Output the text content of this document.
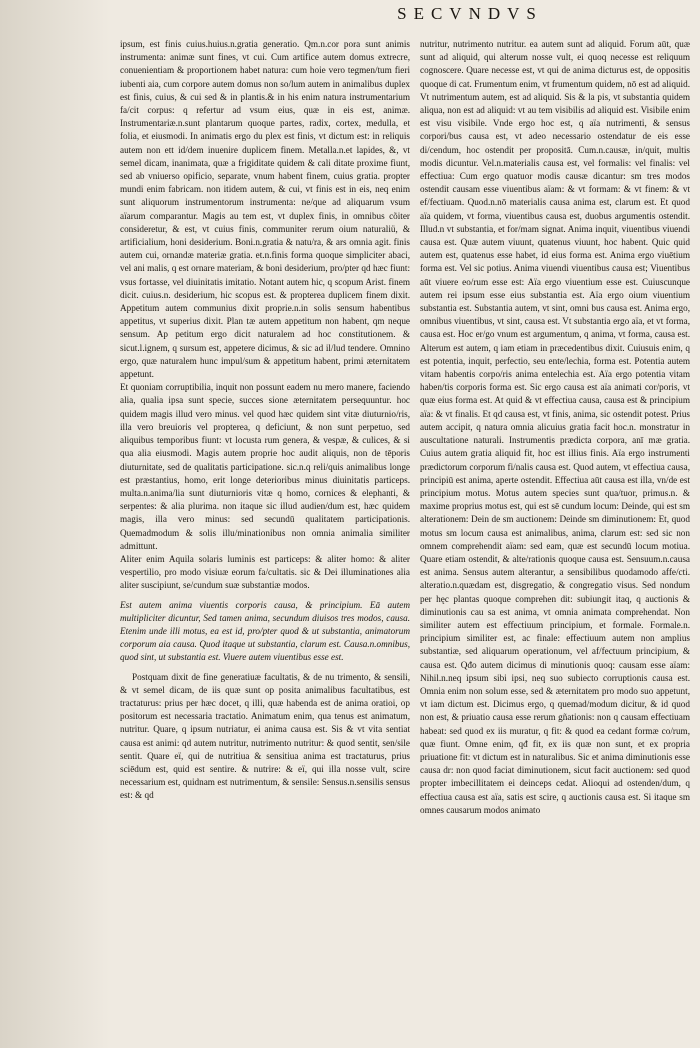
SECVNDVS

ipsum, est finis cuius.huius.n.gratia generatio. Qm.n.cor pora sunt animis instrumenta: animæ sunt fines, vt cui. Cum artifice autem domus extrecre, conuenientiam & proportionem habet natura: cum hoie vero tegmen/tum fieri iubenti aia, cum corpore autem domus non so/lum autem in animalibus duplex est finis, cuius, & cui sed & in plantis.& in his enim natura instrumentarium fa/cit corpus: q refertur ad vsum eius, quæ in eis est, animæ. Instrumentariæ.n.sunt plantarum quoque partes, radix, cortex, medulla, et folia, et eiusmodi. In animatis ergo du plex est finis, vt dictum est: in reliquis autem non ett id/dem inuenire duplicem finem. Metalla.n.et lapides, &, vt semel dicam, inanimata, quæ a frigiditate quidem & cali ditate proxime fiunt, sed ab vniuerso opificio, separate, vnum habent finem, cuius gratia. propter mundi enim fabricam. non itidem autem, & cui, vt finis est in eis, neq enim sunt aliquorum instrumentorum instrumenta: ne/que ad aliquarum vsum aïarum comparantur. Magis au tem est, vt duplex finis, in omnibus cõiter consideretur, & est, vt cuius finis, communiter rerum oium naturaliü, & artificialium, honi desiderium. Boni.n.gratia & natu/ra, & ars omnia agit. finis autem cui, ornandæ materiæ gratia. et.n.finis forma quoque simpliciter abaci, vel ani malis, q est ornare materiam, & boni desiderium, pro/pter qd hæc fiunt: vsus fortasse, vel diuinitatis imitatio. Notant autem hic, q scopum Arist. finem dicit. cuius.n. desiderium, hic scopus est. & propterea duplicem finem dixit. Appetitum autem communius dixit proprie.n.in solis sensum habentibus appetitus, vt superius dixit. Plan tæ autem appetitum non habent, qm neque sensum. Ap petitum ergo dicit naturalem ad hoc constitutionem. & sicut.l.ignem, q sursum est, appetere dicimus, & sic ad il/lud tendere. Omnino ergo, quæ naturalem hunc impul/sum & appetitum habent, primi æternitatem appetunt.

Et quoniam corruptibilia, inquit non possunt eadem nu mero manere, faciendo alia, qualia ipsa sunt specie, succes sione æternitatem persequuntur. hoc quidem magis illud vero minus. vel quod hæc quidem sint vitæ diuturnio/ris, illa vero breuioris vel propterea, q deficiunt, & non sunt perpetuo, sed aliquibus temporibus fiunt: vt locusta rum genera, & vespæ, & culices, & si qua alia eiusmodi. Magis autem proprie hoc audit aliquis, non de tēporis diuturnitate, sed de qualitatis participatione. sic.n.q reli/quis animalibus longe est præstantius, homo, erit longe deterioribus minus diuinitatis particeps. multa.n.anima/lia sunt diuturnioris vitæ q homo, cornices & elephanti, & serpentes: & alia plurima. non itaque sic illud audien/dum est, hæc quidem magis, illa vero minus: sed secundū qualitatem participationis. Quemadmodum & solis illu/minationibus non omnia animalia similiter admittunt.

Aliter enim Aquila solaris luminis est particeps: & aliter homo: & aliter vespertilio, pro modo visiuæ eorum fa/cultatis. sic & Dei illuminationes alia aliter suscipiunt, se/cundum suæ substantiæ modos.

Est autem anima viuentis corporis causa, & principium. Eā autem multipliciter dicuntur, Sed tamen anima, secundum diuisos tres modos, causa. Etenim unde illi motus, ea est id, pro/pter quod & ut substantia, animatorum corporum aia causa. Quod itaque ut substantia, clarum est. Causa.n.omnibus, quod sint, ut substantia est. Viuere autem viuentibus esse est.

Postquam dixit de fine generatiuæ facultatis, & de nu trimento, & sensili, & vt semel dicam, de iis quæ sunt op posita animalibus facultatibus, est tractaturus: prius per hæc docet, q illi, quæ habenda est de anima oratioi, op positorum est necessaria tractatio. Animatum enim, qua tenus est animatum, nutritur. Quare, q ipsum nutriatur, ei anima causa est. Sis & vt vita sentiat causa est animi: qd autem nutritur, nutrimento nutritur: & quod sentit, sen/sile sentit. Quare eï, qui de nutritiua & sensitiua anima est tractaturus, prius sciēdum est, quid est sentire. & nutrire: & eï, qui illa nosse vult, scire necessarium est, quidnam est nutrimentum, & sensile: Sensus.n.sensilis sensus est: & qd

nutritur, nutrimento nutritur. ea autem sunt ad aliquid. Forum aūt, quæ sunt ad aliquid, qui alterum nosse vult, ei quoq necesse est reliquum cognoscere. Quare necesse est, vt qui de anima dicturus est, de oppositis quoque di cat. Frumentum enim, vt frumentum quidem, nō est ad aliquid. Vt nutrimentum autem, est ad aliquid. Sis & la pis, vt substantia quidem aliqua, non est ad aliquid: vt au tem visibilis ad aliquid est. Visibile enim est visu visibile. Vnde ergo hoc est, q aïa nutrimenti, & sensus corpori/bus causa est, vt adeo necessario ostendatur de eis esse di/cendum, hoc ostendit per propositā. Cum.n.causæ, in/quit, multis modis dicuntur. Vel.n.materialis causa est, vel formalis: vel finalis: vel effectiua: Cum ergo quatuor modis causæ dicantur: sm tres modos ostendit causam esse viuentibus aïam: & vt formam: & vt finem: & vt ef/fectiuam. Quod.n.nō materialis causa anima est, clarum est. Et quod aïa quidem, vt forma, viuentibus causa est, duobus argumentis ostendit. Illud.n vt substantia, et for/mam signat. Anima inquit, viuentibus viuendi causa est. Quæ autem viuunt, quatenus viuunt, hoc habent. Quic quid autem est, quatenus esse habet, id eius forma est. Anima ergo viuētium forma est. Vel sic potius. Anima viuendi viuentibus causa est; Viuentibus aūt viuere eo/rum esse est: Aïa ergo viuentium esse est. Cuiuscunque autem rei ipsum esse eius substantia est. Aïa ergo oium viuentium substantia est. Substantia autem, vt sint, omni bus causa est. Anima ergo, omnibus viuentibus, vt sint, causa est. Vt substantia ergo aïa, et vt forma, causa est. Hoc er/go vnum est argumentum, q anima, vt forma, causa est. Alterum est autem, q iam etiam in præcedentibus dixit. Cuiusuis enim, q est potentia, inquit, perfectio, seu ente/lechia, forma est. Potentia autem vitam habentis corpo/ris anima entelechia est. Aïa ergo potentia vitam haben/tis corporis forma est. Sic ergo causa est aïa animati cor/poris, vt quæ eius forma est. At quid & vt effectiua causa, causa est & principium aïa: & vt finalis. Et qd causa est, vt finis, anima, sic ostendit potest. Prius autem accipit, q natura omnia alicuius gratia facit hoc.n. monstratur in auscultatione naturali. Instrumentis prædicta corpora, anī mæ gratia. Cuius autem gratia aliquid fit, hoc est illius finis. Aïa ergo instrumenti prædictorum corporum fi/nalis causa est. Quod autem, vt effectiua causa, principiū est anima, aperte ostendit. Effectiua aūt causa est illa, vn/de est principium motus. Motus autem species sunt qua/tuor, primus.n. & maxime proprius motus est, qui est sē cundum locum: Deinde, qui est sm alterationem: Dein de sm auctionem: Deinde sm diminutionem: Et, quod motus sm locum causa est animalibus, anima, clarum est: sed sic non omnem comprehendit aïam: sed eam, quæ est secundū locum motiua. Quare etiam ostendit, & alte/rationis quoque causa est. Sensuum.n.causa est anima. Sensus autem alterantur, a sensibilibus quodamodo affe/cti. alteratio.n.quædam est, disgregatio, & congregatio visus. Sed nondum per hęc plantas quoque comprehen dit: subiungit itaq, q auctionis & diminutionis cau sa est anima, vt omnia animata comprehendat. Non similiter autem est effectiuum principium, et formale. Formale.n. principium similiter est, ac finale: effectiuum autem non amplius substantiæ, sed aliquarum operationum, vel af/fectuum principium, & causa est. Qđo autem dicimus di minutionis quoq: causam esse aïam: Nihil.n.neq ipsum sibi ipsi, neq suo subiecto corruptionis causa est. Omnia enim non solum esse, sed & æternitatem pro modo suo appetunt, vt iam dictum est. Dicimus ergo, q quemad/modum dicitur, & id quod non est, & priuatio causa esse rerum gñationis: non q causam effectiuam habeat: sed quod ex iis muratur, q fit: & quod ea cedant formæ co/rum, quæ fiunt. Omne enim, qđ fit, ex iis quæ non sunt, et ex propria priuatione fit: vt dictum est in naturalibus. Sic et anima diminutionis esse causa dr: non quod faciat diminutionem, sicut facit auctionem: sed quod propter imbecillitatem ei deinceps cedat. Alioqui ad ostenden/dum, q effectiua causa est aïa, satis est scire, q auctionis causa est. Si itaque sm omnes causarum modos animato
